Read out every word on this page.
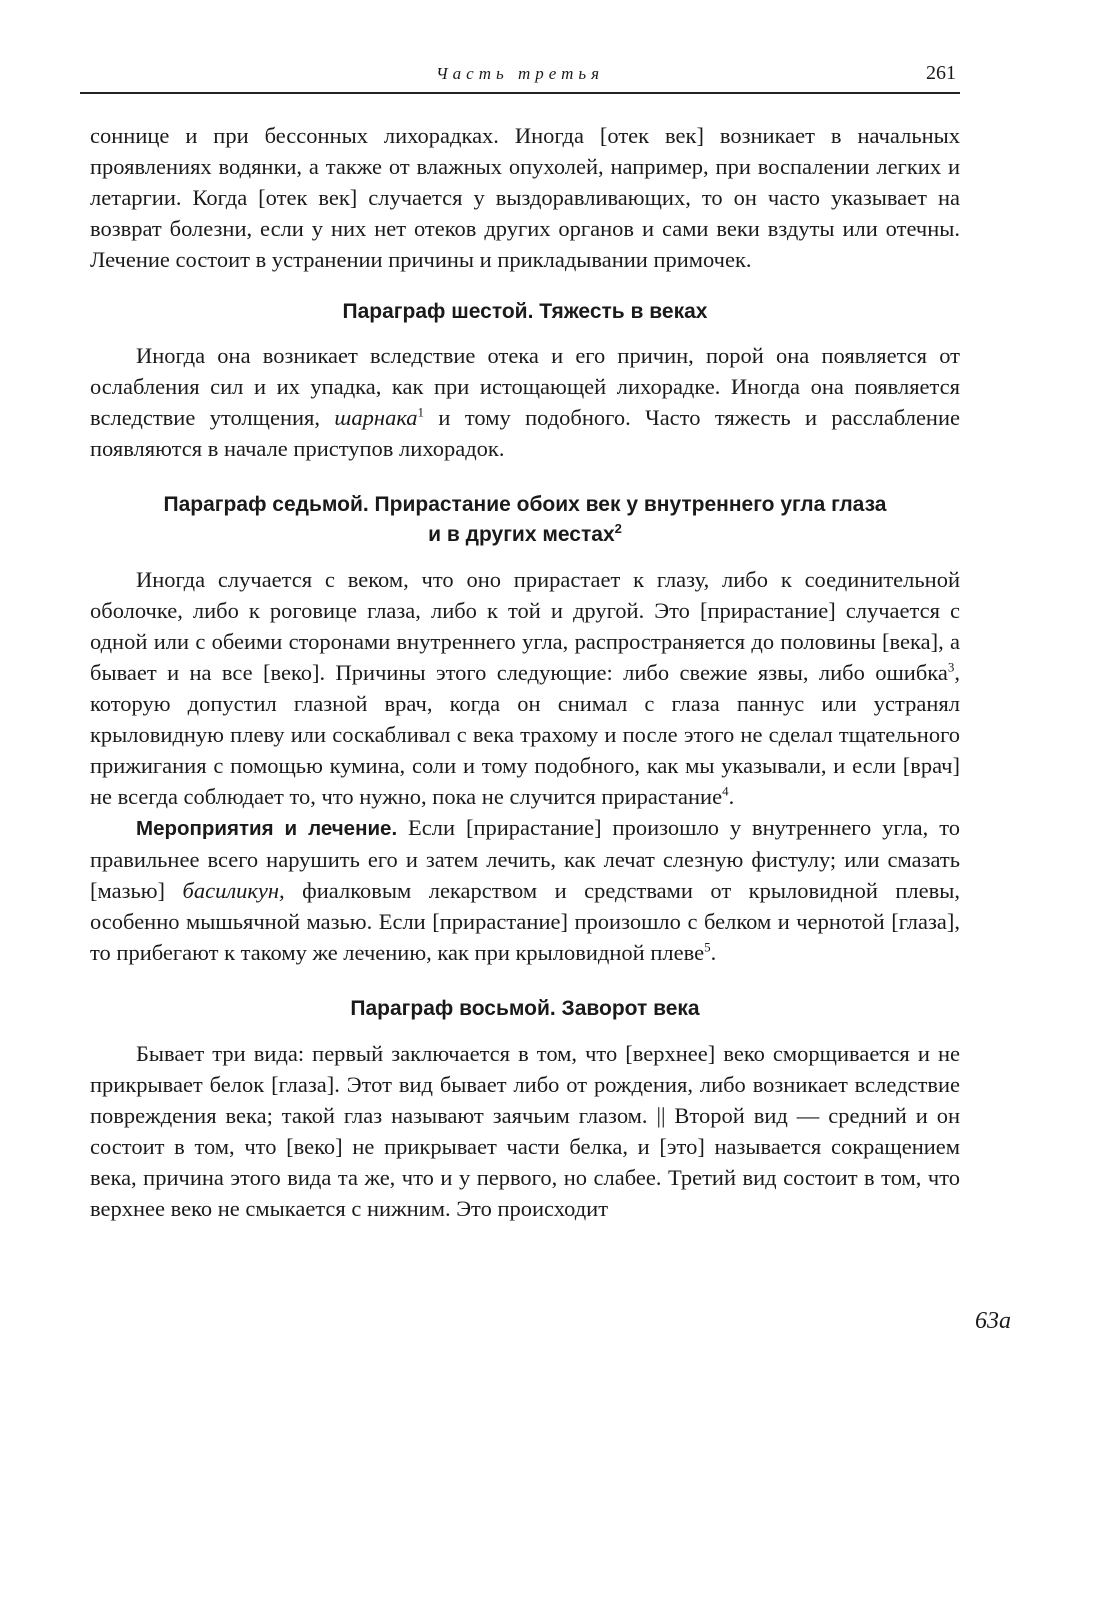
Часть третья	261

соннице и при бессонных лихорадках. Иногда [отек век] возникает в начальных проявлениях водянки, а также от влажных опухолей, например, при воспалении легких и летаргии. Когда [отек век] случается у выздоравливающих, то он часто указывает на возврат болезни, если у них нет отеков других органов и сами веки вздуты или отечны. Лечение состоит в устранении причины и прикладывании примочек.

Параграф шестой. Тяжесть в веках

Иногда она возникает вследствие отека и его причин, порой она появляется от ослабления сил и их упадка, как при истощающей лихорадке. Иногда она появляется вследствие утолщения, шарнака$^1$ и тому подобного. Часто тяжесть и расслабление появляются в начале приступов лихорадок.

Параграф седьмой. Прирастание обоих век у внутреннего угла глаза
и в других местах$^2$

Иногда случается с веком, что оно прирастает к глазу, либо к соединительной оболочке, либо к роговице глаза, либо к той и другой. Это [прирастание] случается с одной или с обеими сторонами внутреннего угла, распространяется до половины [века], а бывает и на все [веко]. Причины этого следующие: либо свежие язвы, либо ошибка$^3$, которую допустил глазной врач, когда он снимал с глаза паннус или устранял крыловидную плеву или соскабливал с века трахому и после этого не сделал тщательного прижигания с помощью кумина, соли и тому подобного, как мы указывали, и если [врач] не всегда соблюдает то, что нужно, пока не случится прирастание$^4$.

Мероприятия и лечение. Если [прирастание] произошло у внутреннего угла, то правильнее всего нарушить его и затем лечить, как лечат слезную фистулу; или смазать [мазью] басиликун, фиалковым лекарством и средствами от крыловидной плевы, особенно мышьячной мазью. Если [прирастание] произошло с белком и чернотой [глаза], то прибегают к такому же лечению, как при крыловидной плеве$^5$.

Параграф восьмой. Заворот века

Бывает три вида: первый заключается в том, что [верхнее] веко сморщивается и не прикрывает белок [глаза]. Этот вид бывает либо от рождения, либо возникает вследствие повреждения века; такой глаз называют заячьим глазом. || Второй вид — средний и он состоит в том, что [веко] не прикрывает части белка, и [это] называется сокращением века, причина этого вида та же, что и у первого, но слабее. Третий вид состоит в том, что верхнее веко не смыкается с нижним. Это происходит

63a
